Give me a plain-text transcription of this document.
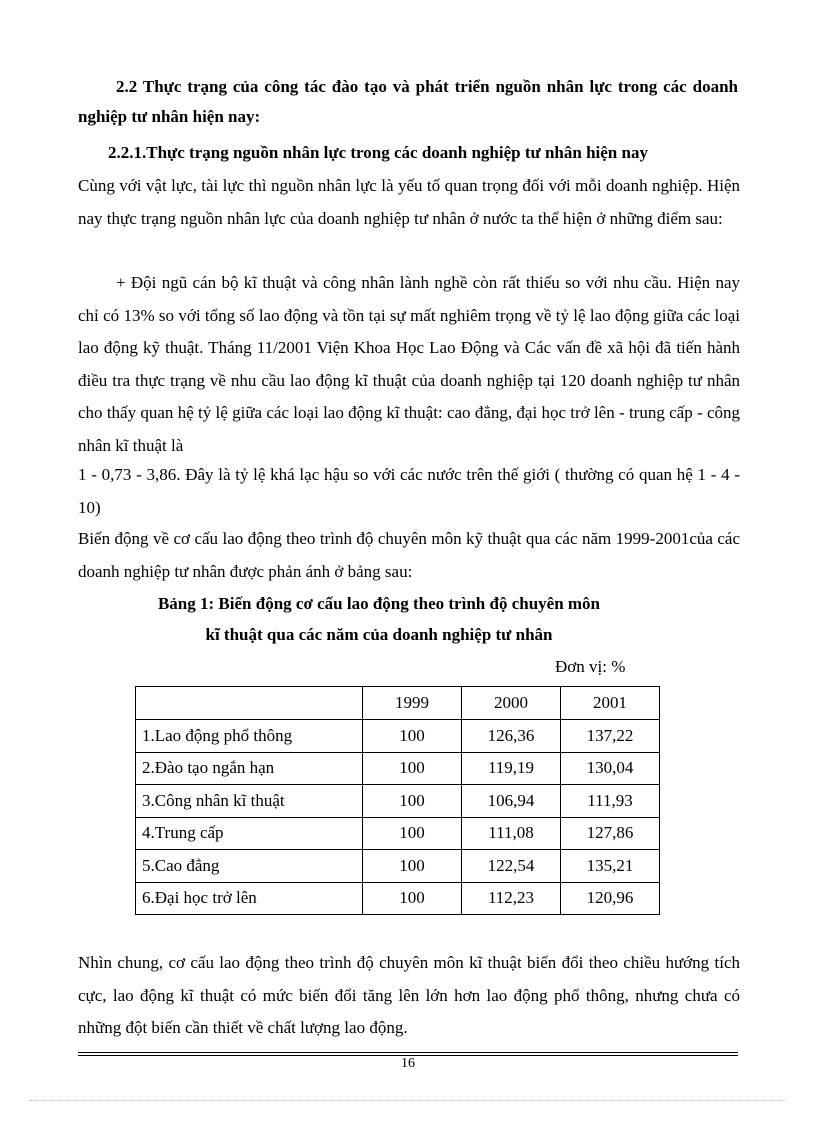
2.2 Thực trạng của công tác đào tạo và phát triển nguồn nhân lực trong các doanh nghiệp tư nhân hiện nay:
2.2.1.Thực trạng nguồn nhân lực trong các doanh nghiệp tư nhân hiện nay
Cùng với vật lực, tài lực thì nguồn nhân lực là yếu tố quan trọng đối với mỗi doanh nghiệp. Hiện nay thực trạng nguồn nhân lực của doanh nghiệp tư nhân ở nước ta thể hiện ở những điểm sau:
+ Đội ngũ cán bộ kĩ thuật và công nhân lành nghề còn rất thiếu so với nhu cầu. Hiện nay chỉ có 13% so với tổng số lao động và tồn tại sự mất nghiêm trọng về tỷ lệ lao động giữa các loại lao động kỹ thuật. Tháng 11/2001 Viện Khoa Học Lao Động và Các vấn đề xã hội đã tiến hành điều tra thực trạng về nhu cầu lao động kĩ thuật của doanh nghiệp tại 120 doanh nghiệp tư nhân cho thấy quan hệ tỷ lệ giữa các loại lao động kĩ thuật: cao đẳng, đại học trở lên - trung cấp - công nhân kĩ thuật là
1 - 0,73 - 3,86. Đây là tỷ lệ khá lạc hậu so với các nước trên thế giới ( thường có quan hệ 1 - 4 - 10)
Biến động về cơ cấu lao động theo trình độ chuyên môn kỹ thuật qua các năm 1999-2001của các doanh nghiệp tư nhân được phản ánh ở bảng sau:
Bảng 1: Biến động cơ cấu lao động theo trình độ chuyên môn
kĩ thuật qua các năm của doanh nghiệp tư nhân
Đơn vị: %
	1999	2000	2001
1.Lao động phổ thông	100	126,36	137,22
2.Đào tạo ngắn hạn	100	119,19	130,04
3.Công nhân kĩ thuật	100	106,94	111,93
4.Trung cấp	100	111,08	127,86
5.Cao đẳng	100	122,54	135,21
6.Đại học trở lên	100	112,23	120,96
Nhìn chung, cơ cấu lao động theo trình độ chuyên môn kĩ thuật biến đổi theo chiều hướng tích cực, lao động kĩ thuật có mức biến đổi tăng lên lớn hơn lao động phổ thông, nhưng chưa có những đột biến cần thiết về chất lượng lao động.
16
